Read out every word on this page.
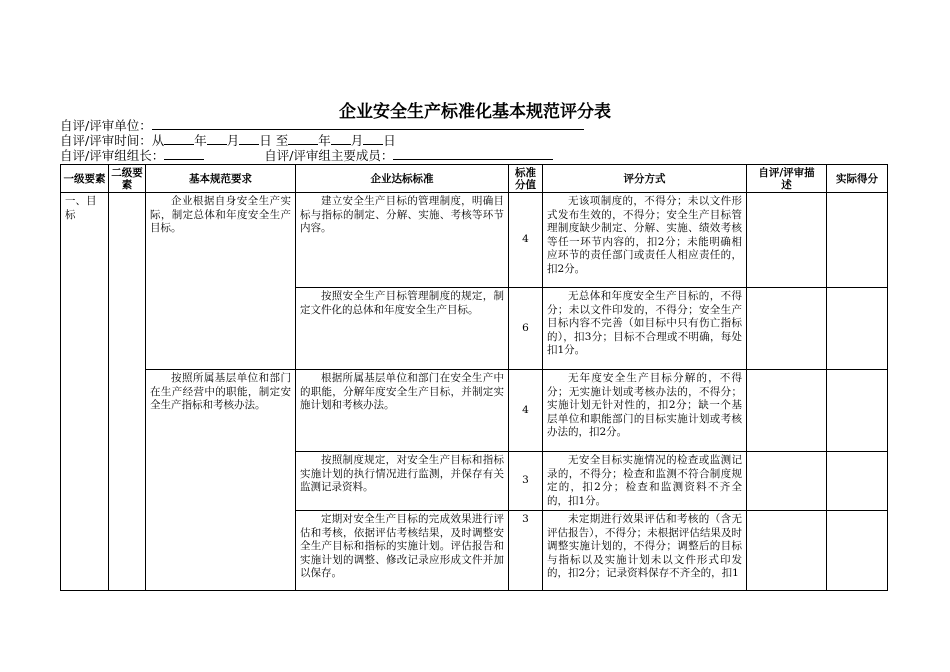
企业安全生产标准化基本规范评分表
自评/评审单位：
自评/评审时间：从 年 月 日 至 年 月 日
自评/评审组组长：	自评/评审组主要成员：
一级要素	二级要素	基本规范要求	企业达标标准	标准分值	评分方式	自评/评审描　　述	实际得分
一、目标		企业根据自身安全生产实际，制定总体和年度安全生产目标。	建立安全生产目标的管理制度，明确目标与指标的制定、分解、实施、考核等环节内容。	4	无该项制度的，不得分；未以文件形式发布生效的，不得分；安全生产目标管理制度缺少制定、分解、实施、绩效考核等任一环节内容的，扣2分；未能明确相应环节的责任部门或责任人相应责任的，扣2分。		
			按照安全生产目标管理制度的规定，制定文件化的总体和年度安全生产目标。	6	无总体和年度安全生产目标的，不得分；未以文件印发的，不得分；安全生产目标内容不完善（如目标中只有伤亡指标的），扣3分；目标不合理或不明确，每处扣1分。		
		按照所属基层单位和部门在生产经营中的职能，制定安全生产指标和考核办法。	根据所属基层单位和部门在安全生产中的职能，分解年度安全生产目标，并制定实施计划和考核办法。	4	无年度安全生产目标分解的，不得分；无实施计划或考核办法的，不得分；实施计划无针对性的，扣2分；缺一个基层单位和职能部门的目标实施计划或考核办法的，扣2分。		
			按照制度规定，对安全生产目标和指标实施计划的执行情况进行监测，并保存有关监测记录资料。	3	无安全目标实施情况的检查或监测记录的，不得分；检查和监测不符合制度规定的，扣2分；检查和监测资料不齐全的，扣1分。		
			定期对安全生产目标的完成效果进行评估和考核，依据评估考核结果，及时调整安全生产目标和指标的实施计划。评估报告和实施计划的调整、修改记录应形成文件并加以保存。	3	未定期进行效果评估和考核的（含无评估报告），不得分；未根据评估结果及时调整实施计划的，不得分；调整后的目标与指标以及实施计划未以文件形式印发的，扣2分；记录资料保存不齐全的，扣1		
